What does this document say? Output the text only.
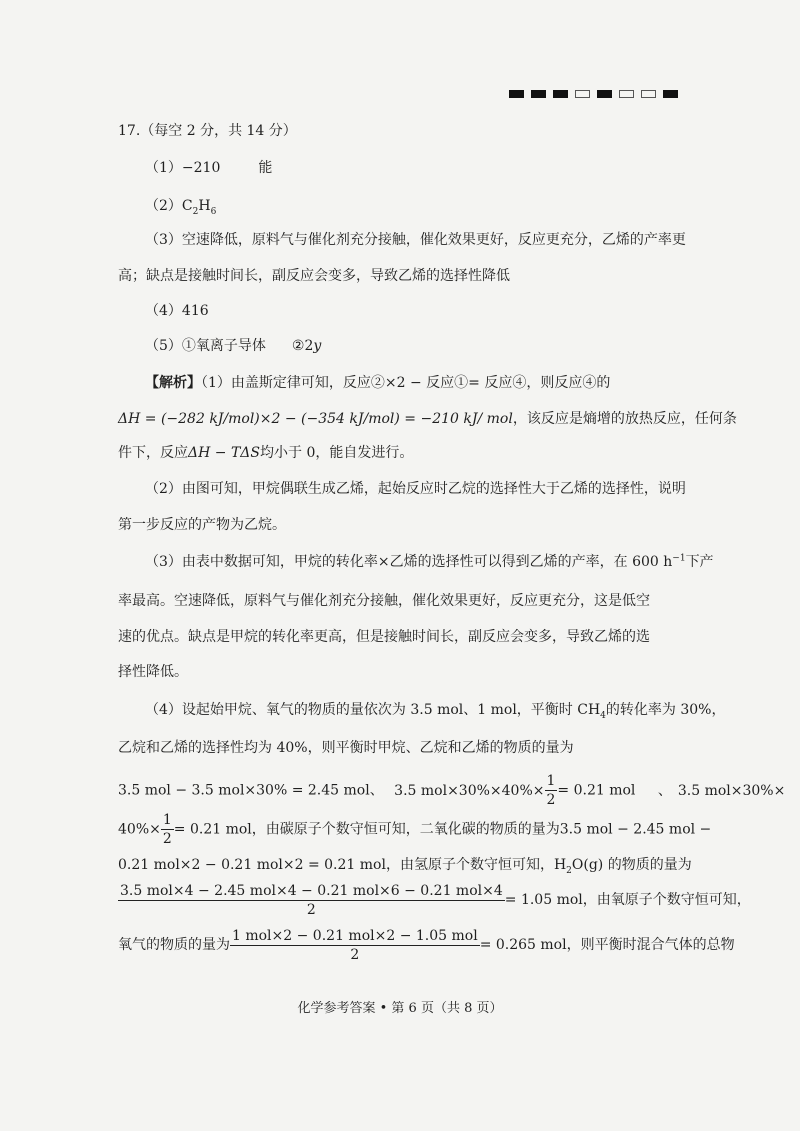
17.（每空 2 分，共 14 分）
（1）−210	能
$(2)C_2H_6$
（3）空速降低，原料气与催化剂充分接触，催化效果更好，反应更充分，乙烯的产率更
高；缺点是接触时间长，副反应会变多，导致乙烯的选择性降低
（4）416
（5）①氧离子导体 ②2y
【解析】（1）由盖斯定律可知，反应②×2 − 反应①= 反应④，则反应④的
ΔH = (−282 kJ/mol)×2 − (−354 kJ/mol) = −210 kJ/ mol，该反应是熵增的放热反应，任何条
件下，反应ΔH − TΔS均小于 0，能自发进行。
（2）由图可知，甲烷偶联生成乙烯，起始反应时乙烷的选择性大于乙烯的选择性，说明
第一步反应的产物为乙烷。
（3）由表中数据可知，甲烷的转化率×乙烯的选择性可以得到乙烯的产率，在 600 $h^{-1}$下产
率最高。空速降低，原料气与催化剂充分接触，催化效果更好，反应更充分，这是低空
速的优点。缺点是甲烷的转化率更高，但是接触时间长，副反应会变多，导致乙烯的选
择性降低。
（4）设起始甲烷、氧气的物质的量依次为 3.5 mol、1 mol，平衡时 $CH_4$的转化率为 30%，
乙烷和乙烯的选择性均为 40%，则平衡时甲烷、乙烷和乙烯的物质的量为
3.5 mol − 3.5 mol×30% = 2.45 mol、 3.5 $mol\times 30\%\times 40\%\times \frac{1}{2} = 0.21$ mol 、 3.5 mol×30%×
$40\%\times \frac{1}{2} = 0.21$ mol，由碳原子个数守恒可知，二氧化碳的物质的量为3.5 mol − 2.45 mol −
0.21 mol×2 − 0.21 mol×2 = 0.21 mol，由氢原子个数守恒可知，$H_2O(g)$ 的物质的量为
$\frac{\text{3.5 mol×4 − 2.45 mol×4 − 0.21 mol×6 − 0.21 mol×4}}{2} = 1.05$ mol，由氧原子个数守恒可知，
氧气的物质的量为 $\frac{\text{1 mol×2 − 0.21 mol×2 − 1.05 mol}}{2} = 0.265$ mol，则平衡时混合气体的总物
化学参考答案 • 第 6 页（共 8 页）
